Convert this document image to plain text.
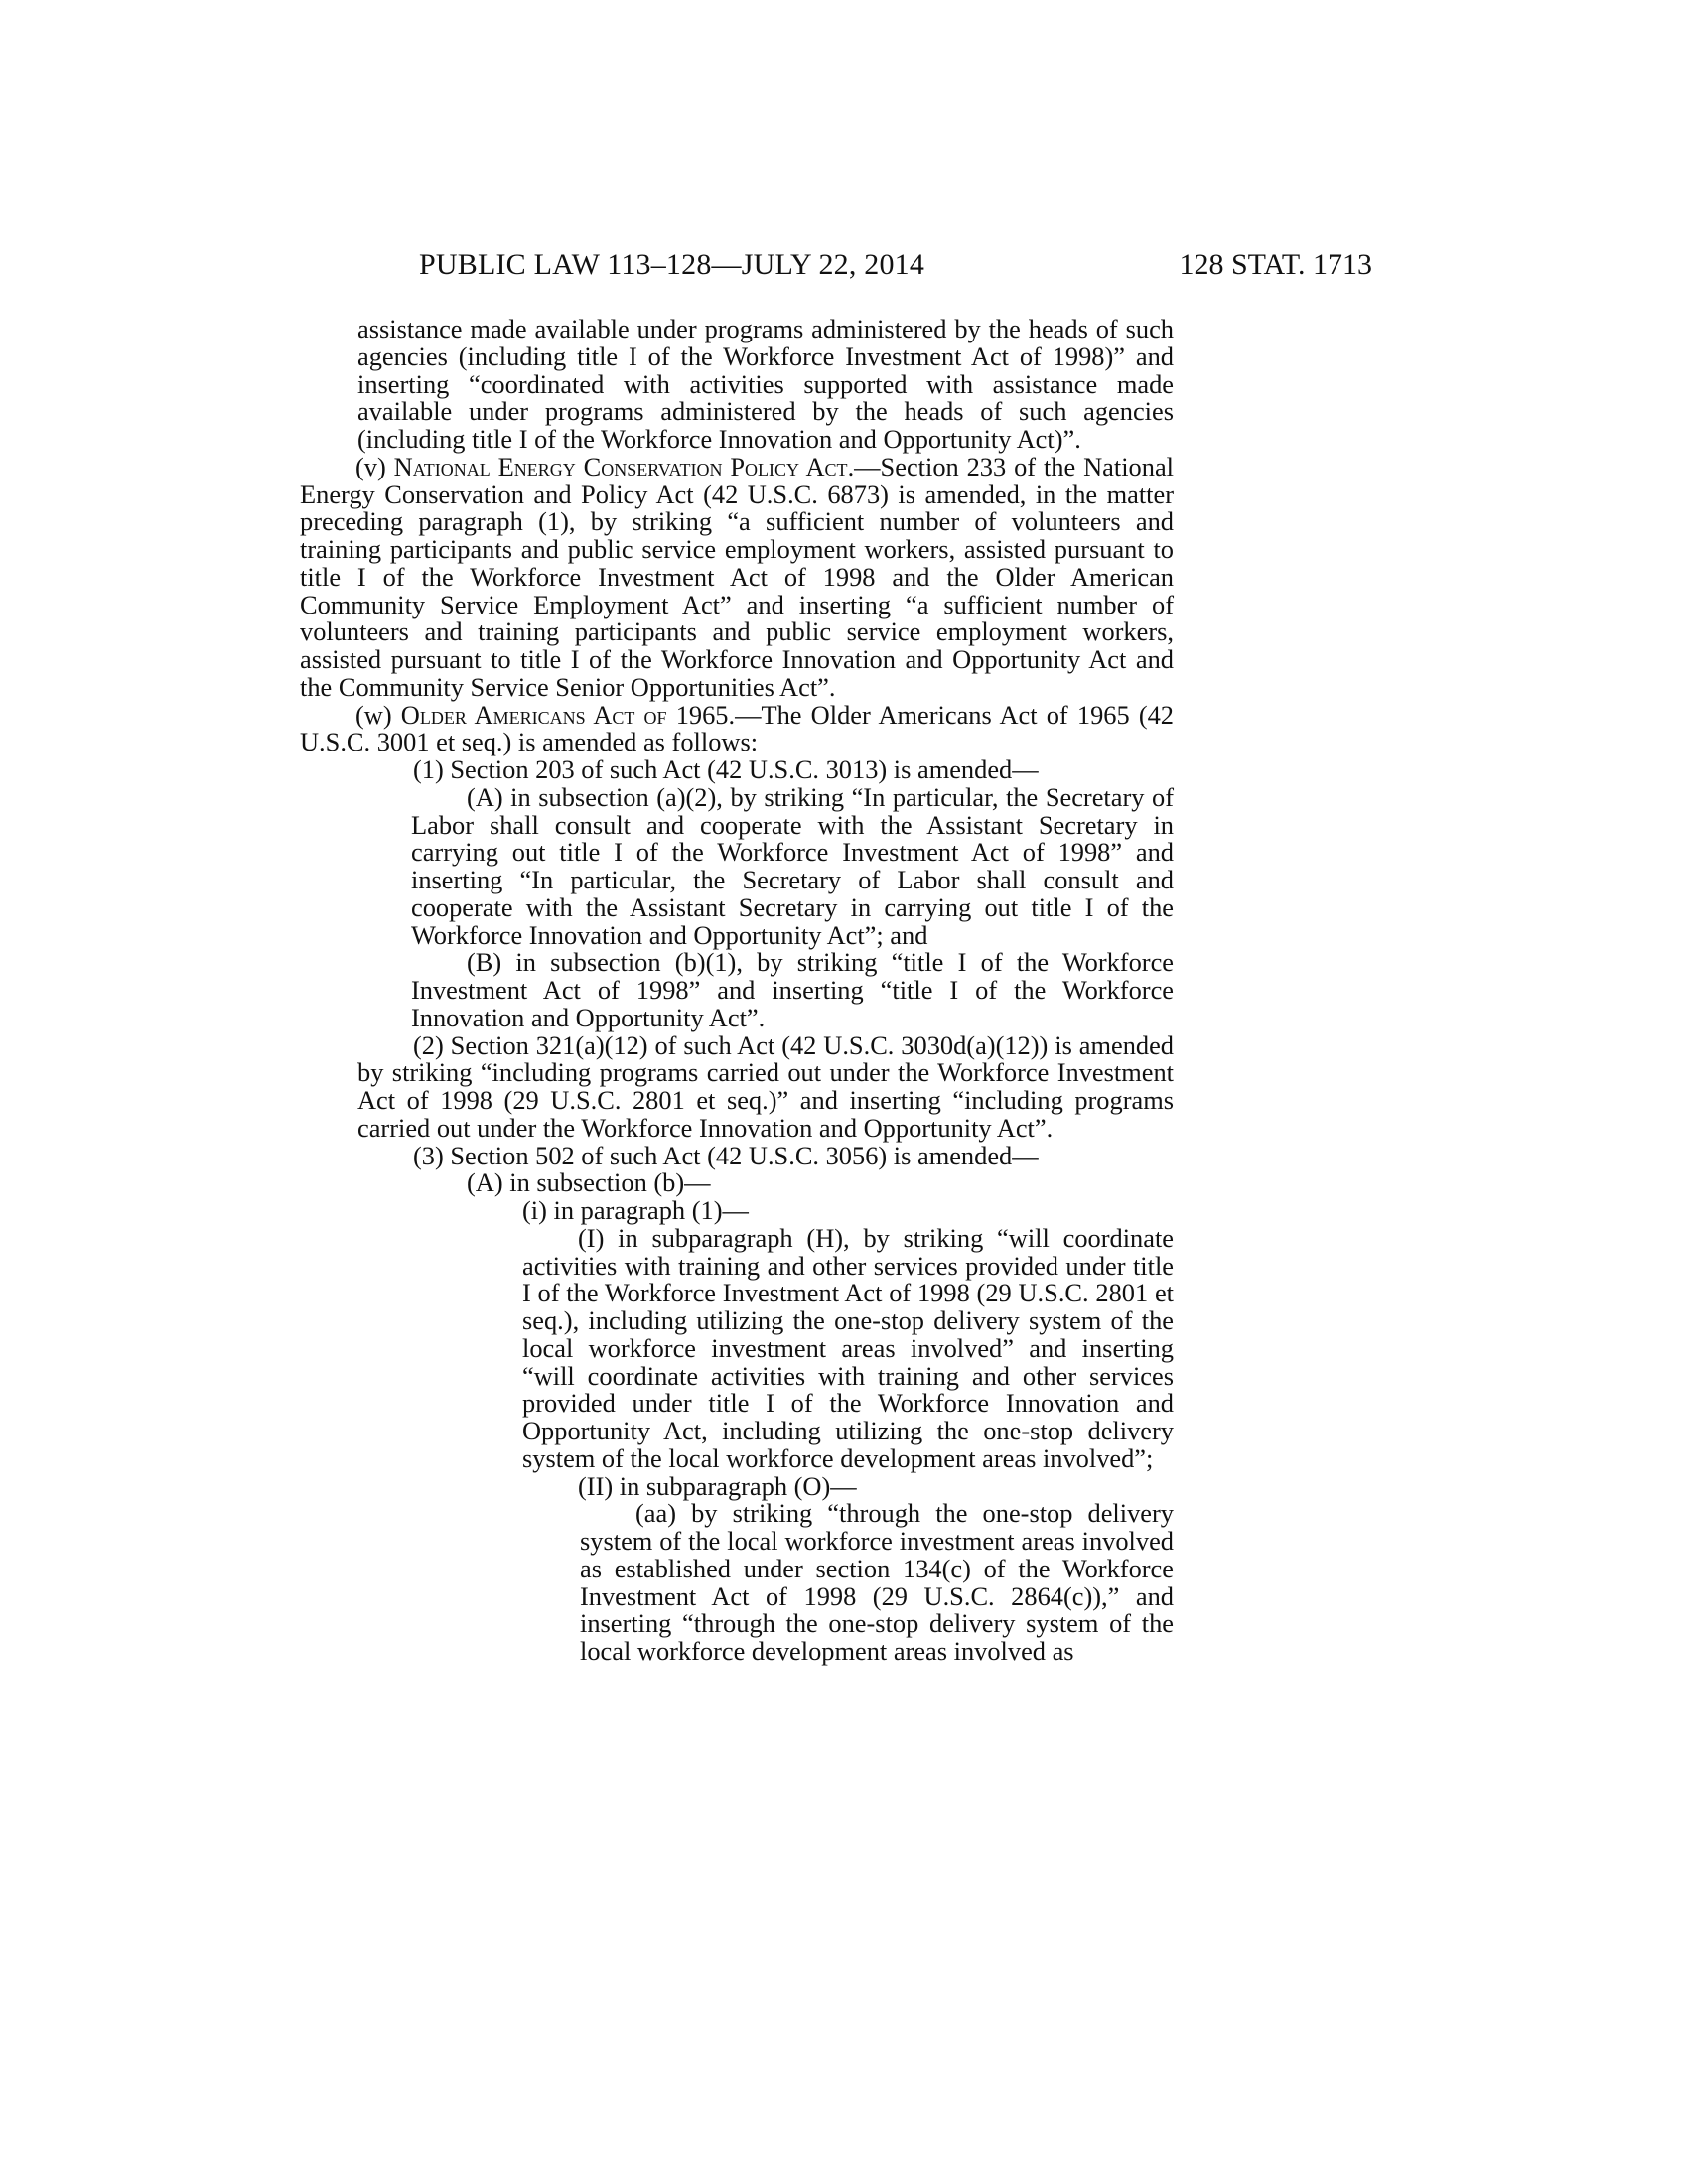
PUBLIC LAW 113–128—JULY 22, 2014	128 STAT. 1713

assistance made available under programs administered by the heads of such agencies (including title I of the Workforce Investment Act of 1998)” and inserting “coordinated with activities supported with assistance made available under programs administered by the heads of such agencies (including title I of the Workforce Innovation and Opportunity Act)”.

(v) National Energy Conservation Policy Act.—Section 233 of the National Energy Conservation and Policy Act (42 U.S.C. 6873) is amended, in the matter preceding paragraph (1), by striking “a sufficient number of volunteers and training participants and public service employment workers, assisted pursuant to title I of the Workforce Investment Act of 1998 and the Older American Community Service Employment Act” and inserting “a sufficient number of volunteers and training participants and public service employment workers, assisted pursuant to title I of the Workforce Innovation and Opportunity Act and the Community Service Senior Opportunities Act”.

(w) Older Americans Act of 1965.—The Older Americans Act of 1965 (42 U.S.C. 3001 et seq.) is amended as follows:

(1) Section 203 of such Act (42 U.S.C. 3013) is amended—

(A) in subsection (a)(2), by striking “In particular, the Secretary of Labor shall consult and cooperate with the Assistant Secretary in carrying out title I of the Workforce Investment Act of 1998” and inserting “In particular, the Secretary of Labor shall consult and cooperate with the Assistant Secretary in carrying out title I of the Workforce Innovation and Opportunity Act”; and

(B) in subsection (b)(1), by striking “title I of the Workforce Investment Act of 1998” and inserting “title I of the Workforce Innovation and Opportunity Act”.

(2) Section 321(a)(12) of such Act (42 U.S.C. 3030d(a)(12)) is amended by striking “including programs carried out under the Workforce Investment Act of 1998 (29 U.S.C. 2801 et seq.)” and inserting “including programs carried out under the Workforce Innovation and Opportunity Act”.

(3) Section 502 of such Act (42 U.S.C. 3056) is amended—

(A) in subsection (b)—

(i) in paragraph (1)—

(I) in subparagraph (H), by striking “will coordinate activities with training and other services provided under title I of the Workforce Investment Act of 1998 (29 U.S.C. 2801 et seq.), including utilizing the one-stop delivery system of the local workforce investment areas involved” and inserting “will coordinate activities with training and other services provided under title I of the Workforce Innovation and Opportunity Act, including utilizing the one-stop delivery system of the local workforce development areas involved”;

(II) in subparagraph (O)—

(aa) by striking “through the one-stop delivery system of the local workforce investment areas involved as established under section 134(c) of the Workforce Investment Act of 1998 (29 U.S.C. 2864(c)),” and inserting “through the one-stop delivery system of the local workforce development areas involved as
